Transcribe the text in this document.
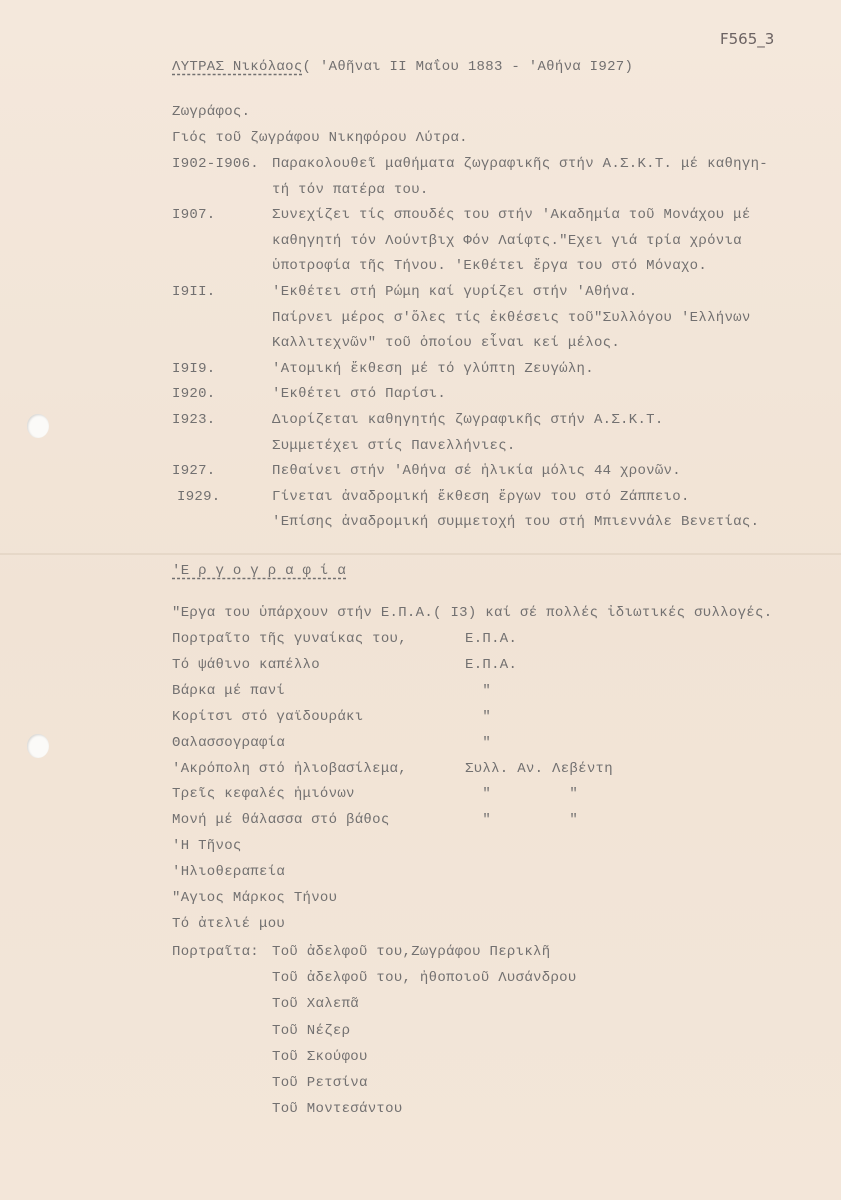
F565_3
ΛΥΤΡΑΣ Νικόλαος( 'Αθῆναι ΙΙ Μαΐου 1883 - 'Αθήνα Ι927)
Ζωγράφος.
Γιός τοῦ ζωγράφου Νικηφόρου Λύτρα.
Ι902-Ι906. Παρακολουθεῖ μαθήματα ζωγραφικῆς στήν Α.Σ.Κ.Τ. μέ καθηγη-
τή τόν πατέρα του.
Ι907.	Συνεχίζει τίς σπουδές του στήν 'Ακαδημία τοῦ Μονάχου μέ
καθηγητή τόν Λούντβιχ Φόν Λαίφτς."Εχει γιά τρία χρόνια
ὑποτροφία τῆς Τήνου. 'Εκθέτει ἔργα του στό Μόναχο.
Ι9ΙΙ.	'Εκθέτει στή Ρώμη καί γυρίζει στήν 'Αθήνα.
Παίρνει μέρος σ'ὅλες τίς ἐκθέσεις τοῦ"Συλλόγου 'Ελλήνων
Καλλιτεχνῶν" τοῦ ὁποίου εἶναι κεί μέλος.
Ι9Ι9.	'Ατομική ἔκθεση μέ τό γλύπτη Ζευγώλη.
Ι920.	'Εκθέτει στό Παρίσι.
Ι923.	Διορίζεται καθηγητής ζωγραφικῆς στήν Α.Σ.Κ.Τ.
Συμμετέχει στίς Πανελλήνιες.
Ι927.	Πεθαίνει στήν 'Αθήνα σέ ἡλικία μόλις 44 χρονῶν.
Ι929.	Γίνεται ἀναδρομική ἔκθεση ἔργων του στό Ζάππειο.
'Επίσης ἀναδρομική συμμετοχή του στή Μπιεννάλε Βενετίας.
'Ε ρ γ ο γ ρ α φ ί α
"Εργα του ὑπάρχουν στήν Ε.Π.Α.( Ι3) καί σέ πολλές ἰδιωτικές συλλογές.
Πορτραῖτο τῆς γυναίκας του,	Ε.Π.Α.
Τό ψάθινο καπέλλο	Ε.Π.Α.
Βάρκα μέ πανί	"
Κορίτσι στό γαϊδουράκι	"
Θαλασσογραφία	"
'Ακρόπολη στό ἡλιοβασίλεμα,	Συλλ. Αν. Λεβέντη
Τρεῖς κεφαλές ἡμιόνων	"         "
Μονή μέ θάλασσα στό βάθος	"         "
'Η Τῆνος
'Ηλιοθεραπεία
"Αγιος Μάρκος Τήνου
Τό ἀτελιέ μου
Πορτραῖτα: Τοῦ ἀδελφοῦ του,Ζωγράφου Περικλῆ
Τοῦ ἀδελφοῦ του, ἠθοποιοῦ Λυσάνδρου
Τοῦ Χαλεπᾶ
Τοῦ Νέζερ
Τοῦ Σκούφου
Τοῦ Ρετσίνα
Τοῦ Μοντεσάντου
